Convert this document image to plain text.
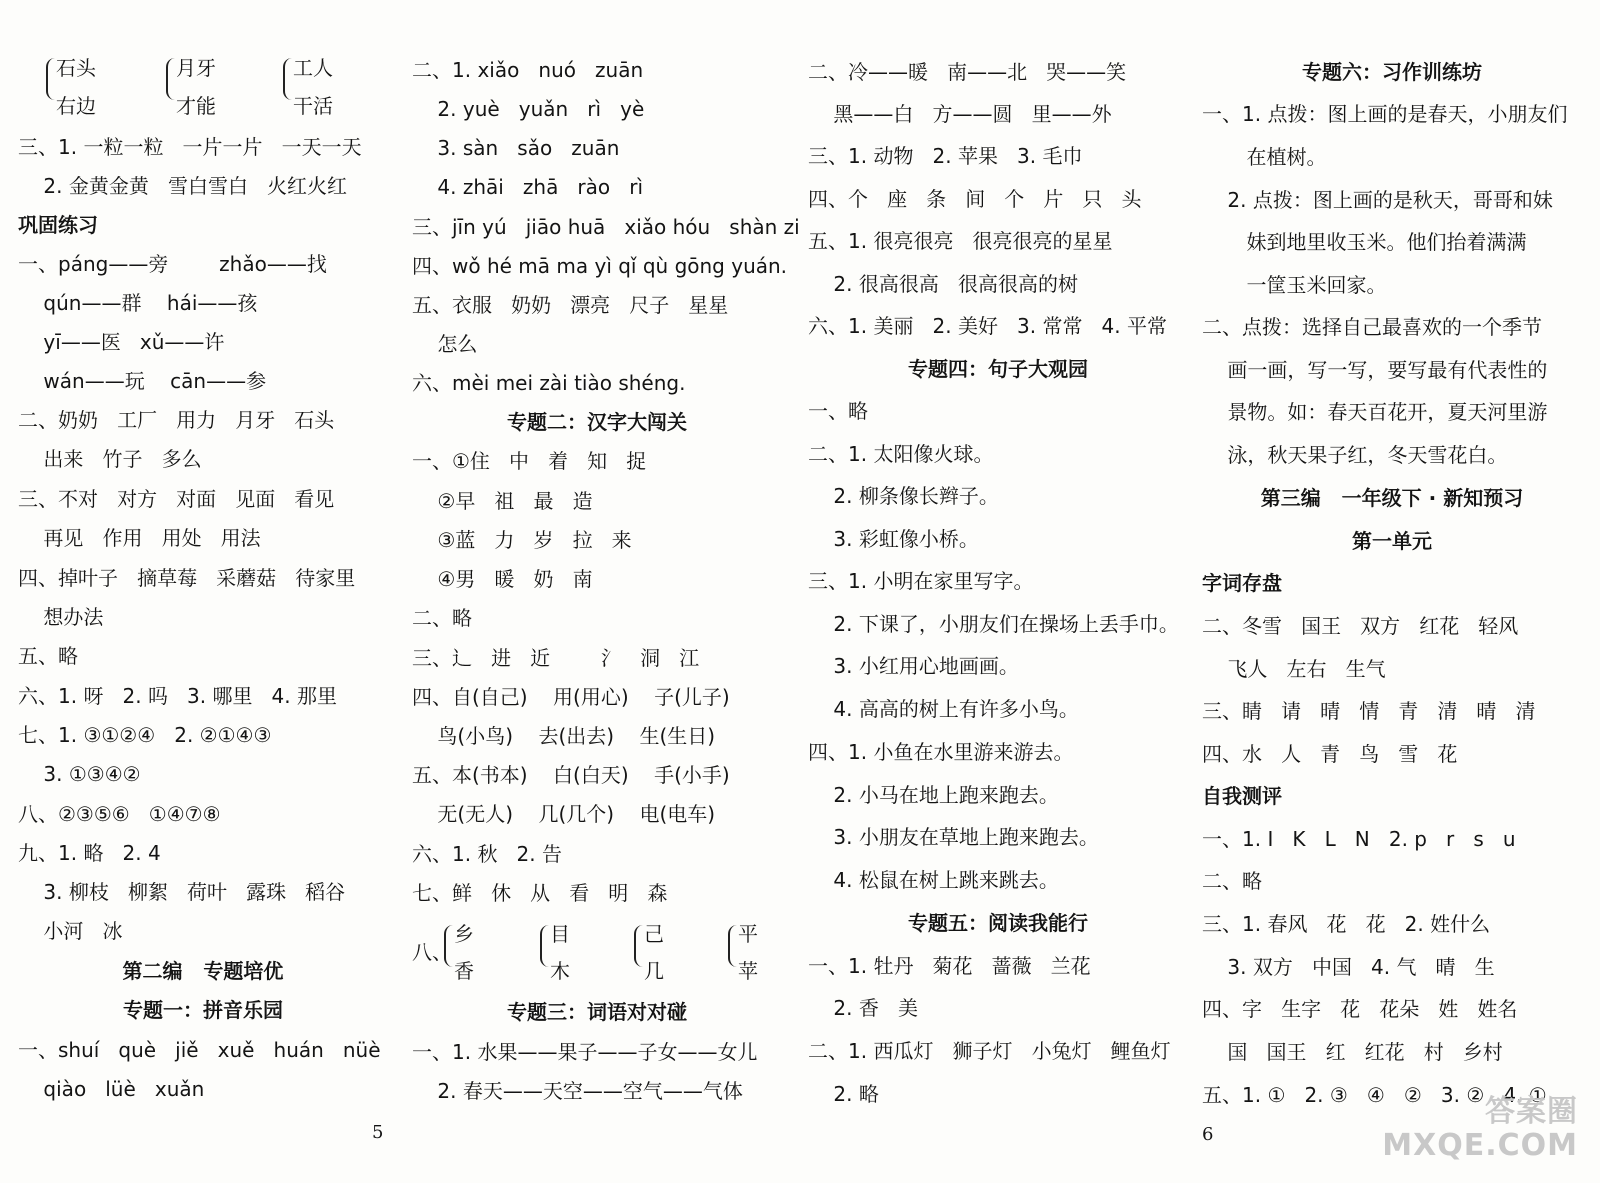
石头
右边
月牙
才能
工人
干活
三、1. 一粒一粒   一片一片   一天一天
2. 金黄金黄   雪白雪白   火红火红
巩固练习
一、páng——旁        zhǎo——找
qún——群    hái——孩
yī——医   xǔ——许
wán——玩    cān——参
二、奶奶   工厂   用力   月牙   石头
出来   竹子   多么
三、不对   对方   对面   见面   看见
再见   作用   用处   用法
四、掉叶子   摘草莓   采蘑菇   待家里
想办法
五、略
六、1. 呀   2. 吗   3. 哪里   4. 那里
七、1. ③①②④   2. ②①④③
3. ①③④②
八、②③⑤⑥   ①④⑦⑧
九、1. 略   2. 4
3. 柳枝   柳絮   荷叶   露珠   稻谷
小河   冰
第二编   专题培优
专题一：拼音乐园
一、shuí   què   jiě   xuě   huán   nüè
qiào   lüè   xuǎn
二、1. xiǎo   nuó   zuān
2. yuè   yuǎn   rì   yè
3. sàn   sǎo   zuān
4. zhāi   zhā   rào   rì
三、jīn yú   jiāo huā   xiǎo hóu   shàn zi
四、wǒ hé mā ma yì qǐ qù gōng yuán.
五、衣服   奶奶   漂亮   尺子   星星
怎么
六、mèi mei zài tiào shéng.
专题二：汉字大闯关
一、①住   中   着   知   捉
②早   祖   最   造
③蓝   力   岁   拉   来
④男   暖   奶   南
二、略
三、辶   进   近        氵   洞   江
四、自(自己)    用(用心)    子(儿子)
鸟(小鸟)    去(出去)    生(生日)
五、本(书本)    白(白天)    手(小手)
无(无人)    几(几个)    电(电车)
六、1. 秋   2. 告
七、鲜   休   从   看   明   森
八、
乡
香
目
木
己
几
平
苹
专题三：词语对对碰
一、1. 水果——果子——子女——女儿
2. 春天——天空——空气——气体
5
二、冷——暖   南——北   哭——笑
黑——白   方——圆   里——外
三、1. 动物   2. 苹果   3. 毛巾
四、个   座   条   间   个   片   只   头
五、1. 很亮很亮   很亮很亮的星星
2. 很高很高   很高很高的树
六、1. 美丽   2. 美好   3. 常常   4. 平常
专题四：句子大观园
一、略
二、1. 太阳像火球。
2. 柳条像长辫子。
3. 彩虹像小桥。
三、1. 小明在家里写字。
2. 下课了，小朋友们在操场上丢手巾。
3. 小红用心地画画。
4. 高高的树上有许多小鸟。
四、1. 小鱼在水里游来游去。
2. 小马在地上跑来跑去。
3. 小朋友在草地上跑来跑去。
4. 松鼠在树上跳来跳去。
专题五：阅读我能行
一、1. 牡丹   菊花   蔷薇   兰花
2. 香   美
二、1. 西瓜灯   狮子灯   小兔灯   鲤鱼灯
2. 略
专题六：习作训练坊
一、1. 点拨：图上画的是春天，小朋友们
在植树。
2. 点拨：图上画的是秋天，哥哥和妹
妹到地里收玉米。他们抬着满满
一筐玉米回家。
二、点拨：选择自己最喜欢的一个季节
画一画，写一写，要写最有代表性的
景物。如：春天百花开，夏天河里游
泳，秋天果子红，冬天雪花白。
第三编   一年级下 · 新知预习
第一单元
字词存盘
二、冬雪   国王   双方   红花   轻风
飞人   左右   生气
三、睛   请   晴   情   青   清   晴   清
四、水   人   青   鸟   雪   花
自我测评
一、1. I   K   L   N   2. p   r   s   u
二、略
三、1. 春风   花   花   2. 姓什么
3. 双方   中国   4. 气   晴   生
四、字   生字   花   花朵   姓   姓名
国   国王   红   红花   村   乡村
五、1. ①   2. ③   ④   ②   3. ②   4. ①
6
答案圈
MXQE.COM
